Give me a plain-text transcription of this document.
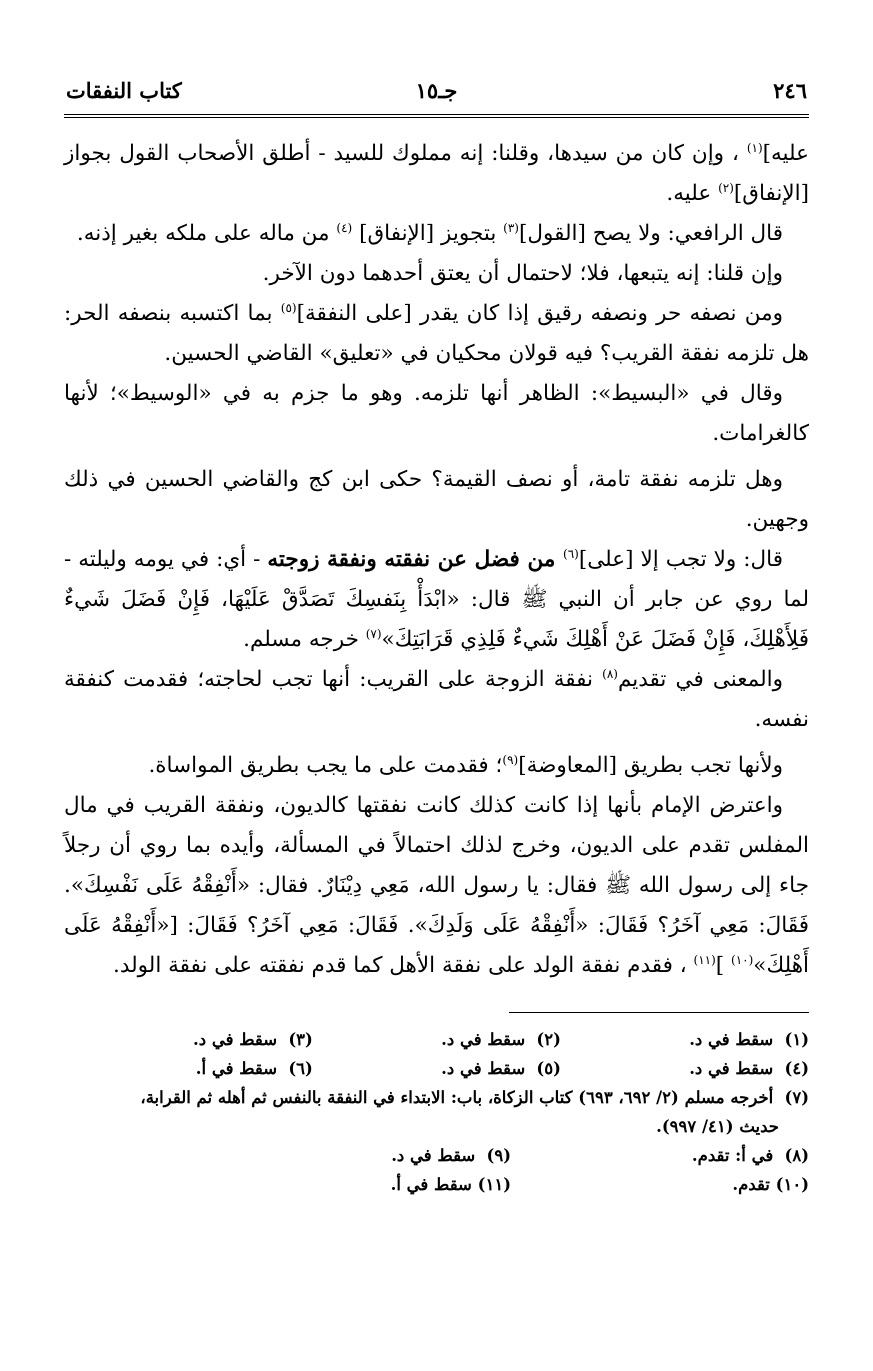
٢٤٦
جـ١٥
كتاب النفقات

عليه]$^{(١)}$ ، وإن كان من سيدها، وقلنا: إنه مملوك للسيد - أطلق الأصحاب القول بجواز [الإنفاق]$^{(٢)}$ عليه.

قال الرافعي: ولا يصح [القول]$^{(٣)}$ بتجويز [الإنفاق] $^{(٤)}$ من ماله على ملكه بغير إذنه.

وإن قلنا: إنه يتبعها، فلا؛ لاحتمال أن يعتق أحدهما دون الآخر.

ومن نصفه حر ونصفه رقيق إذا كان يقدر [على النفقة]$^{(٥)}$ بما اكتسبه بنصفه الحر: هل تلزمه نفقة القريب؟ فيه قولان محكيان في «تعليق» القاضي الحسين.

وقال في «البسيط»: الظاهر أنها تلزمه. وهو ما جزم به في «الوسيط»؛ لأنها كالغرامات.

وهل تلزمه نفقة تامة، أو نصف القيمة؟ حكى ابن كج والقاضي الحسين في ذلك وجهين.

قال: ولا تجب إلا [على]$^{(٦)}$ من فضل عن نفقته ونفقة زوجته - أي: في يومه وليلته - لما روي عن جابر أن النبي ﷺ قال: «ابْدَأْ بِنَفسِكَ تَصَدَّقْ عَلَيْهَا، فَإِنْ فَضَلَ شَيءٌ فَلِأَهْلِكَ، فَإِنْ فَضَلَ عَنْ أَهْلِكَ شَيءٌ فَلِذِي قَرَابَتِكَ»$^{(٧)}$ خرجه مسلم.

والمعنى في تقديم$^{(٨)}$ نفقة الزوجة على القريب: أنها تجب لحاجته؛ فقدمت كنفقة نفسه.

ولأنها تجب بطريق [المعاوضة]$^{(٩)}$؛ فقدمت على ما يجب بطريق المواساة.

واعترض الإمام بأنها إذا كانت كذلك كانت نفقتها كالديون، ونفقة القريب في مال المفلس تقدم على الديون، وخرج لذلك احتمالاً في المسألة، وأيده بما روي أن رجلاً جاء إلى رسول الله ﷺ فقال: يا رسول الله، مَعِي دِيْنَارٌ. فقال: «أَنْفِقْهُ عَلَى نَفْسِكَ». فَقَالَ: مَعِي آخَرُ؟ فَقَالَ: «أَنْفِقْهُ عَلَى وَلَدِكَ». فَقَالَ: مَعِي آخَرُ؟ فَقَالَ: [«أَنْفِقْهُ عَلَى أَهْلِكَ»$^{(١٠)}$ ]$^{(١١)}$ ، فقدم نفقة الولد على نفقة الأهل كما قدم نفقته على نفقة الولد.

(١) سقط في د.
(٢) سقط في د.
(٣) سقط في د.
(٤) سقط في د.
(٥) سقط في د.
(٦) سقط في أ.
(٧) أخرجه مسلم (٢/ ٦٩٢، ٦٩٣) كتاب الزكاة، باب: الابتداء في النفقة بالنفس ثم أهله ثم القرابة،
حديث (٤١/ ٩٩٧).
(٨) في أ: تقدم.
(٩) سقط في د.
(١٠) تقدم.
(١١) سقط في أ.
